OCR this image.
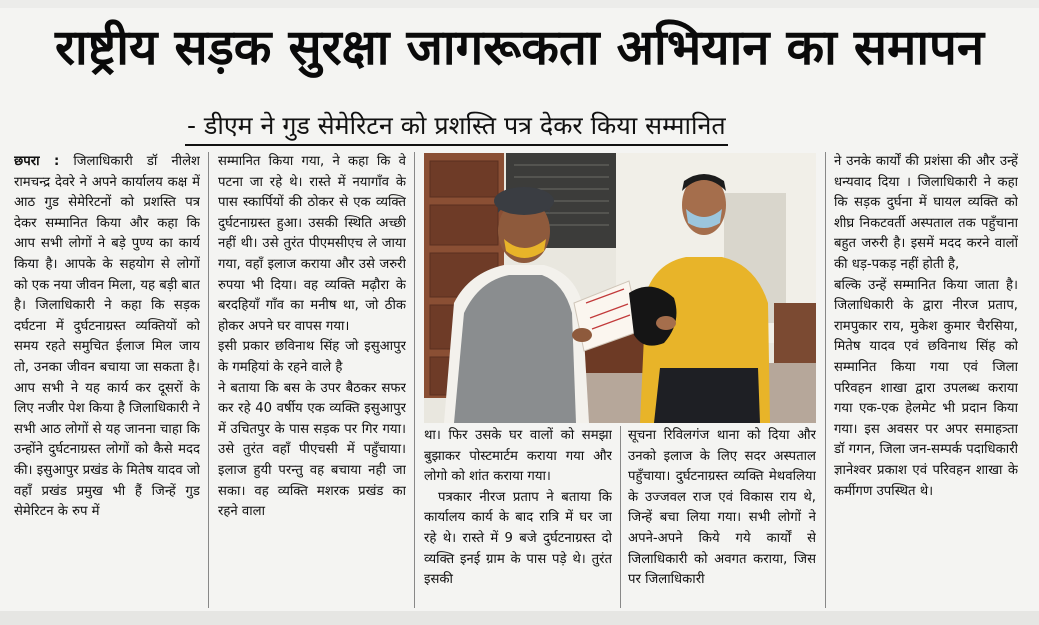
राष्ट्रीय सड़क सुरक्षा जागरूकता अभियान का समापन
- डीएम ने गुड सेमेरिटन को प्रशस्ति पत्र देकर किया सम्मानित

छपरा : जिलाधिकारी डॉ नीलेश रामचन्द्र देवरे ने अपने कार्यालय कक्ष में आठ गुड सेमेरिटनों को प्रशस्ति पत्र देकर सम्मानित किया और कहा कि आप सभी लोगों ने बड़े पुण्य का कार्य किया है। आपके के सहयोग से लोगों को एक नया जीवन मिला, यह बड़ी बात है। जिलाधिकारी ने कहा कि सड़क दर्घटना में दुर्घटनाग्रस्त व्यक्तियों को समय रहते समुचित ईलाज मिल जाय तो, उनका जीवन बचाया जा सकता है। आप सभी ने यह कार्य कर दूसरों के लिए नजीर पेश किया है जिलाधिकारी ने सभी आठ लोगों से यह जानना चाहा कि उन्होंने दुर्घटनाग्रस्त लोगों को कैसे मदद की। इसुआपुर प्रखंड के मितेष यादव जो वहाँ प्रखंड प्रमुख भी हैं जिन्हें गुड सेमेरिटन के रुप में

सम्मानित किया गया, ने कहा कि वे पटना जा रहे थे। रास्ते में नयागाँव के पास स्कार्पियों की ठोकर से एक व्यक्ति दुर्घटनाग्रस्त हुआ। उसकी स्थिति अच्छी नहीं थी। उसे तुरंत पीएमसीएच ले जाया गया, वहाँ इलाज कराया और उसे जरुरी रुपया भी दिया। वह व्यक्ति मढ़ौरा के बरदहियाँ गाँव का मनीष था, जो ठीक होकर अपने घर वापस गया।

इसी प्रकार छविनाथ सिंह जो इसुआपुर के गमहियां के रहने वाले है

ने बताया कि बस के उपर बैठकर सफर कर रहे 40 वर्षीय एक व्यक्ति इसुआपुर में उचितपुर के पास सड़क पर गिर गया। उसे तुरंत वहाँ पीएचसी में पहुँचाया। इलाज हुयी परन्तु वह बचाया नही जा सका। वह व्यक्ति मशरक प्रखंड का रहने वाला

था। फिर उसके घर वालों को समझा बुझाकर पोस्टमार्टम कराया गया और लोगो को शांत कराया गया।

पत्रकार नीरज प्रताप ने बताया कि कार्यालय कार्य के बाद रात्रि में घर जा रहे थे। रास्ते में 9 बजे दुर्घटनाग्रस्त दो व्यक्ति इनई ग्राम के पास पड़े थे। तुरंत इसकी

सूचना रिविलगंज थाना को दिया और उनको इलाज के लिए सदर अस्पताल पहुँचाया। दुर्घटनाग्रस्त व्यक्ति मेथवलिया के उज्जवल राज एवं विकास राय थे, जिन्हें बचा लिया गया। सभी लोगों ने अपने-अपने किये गये कार्यों से जिलाधिकारी को अवगत कराया, जिस पर जिलाधिकारी

ने उनके कार्यों की प्रशंसा की और उन्हें धन्यवाद दिया । जिलाधिकारी ने कहा कि सड़क दुर्घना में घायल व्यक्ति को शीघ्र निकटवर्ती अस्पताल तक पहुँचाना बहुत जरुरी है। इसमें मदद करने वालों की धड़-पकड़ नहीं होती है,

बल्कि उन्हें सम्मानित किया जाता है। जिलाधिकारी के द्वारा नीरज प्रताप, रामपुकार राय, मुकेश कुमार चैरसिया, मितेष यादव एवं छविनाथ सिंह को सम्मानित किया गया एवं जिला परिवहन शाखा द्वारा उपलब्ध कराया गया एक-एक हेलमेट भी प्रदान किया गया। इस अवसर पर अपर समाहत्र्ता डॉ गगन, जिला जन-सम्पर्क पदाधिकारी ज्ञानेश्वर प्रकाश एवं परिवहन शाखा के कर्मीगण उपस्थित थे।
